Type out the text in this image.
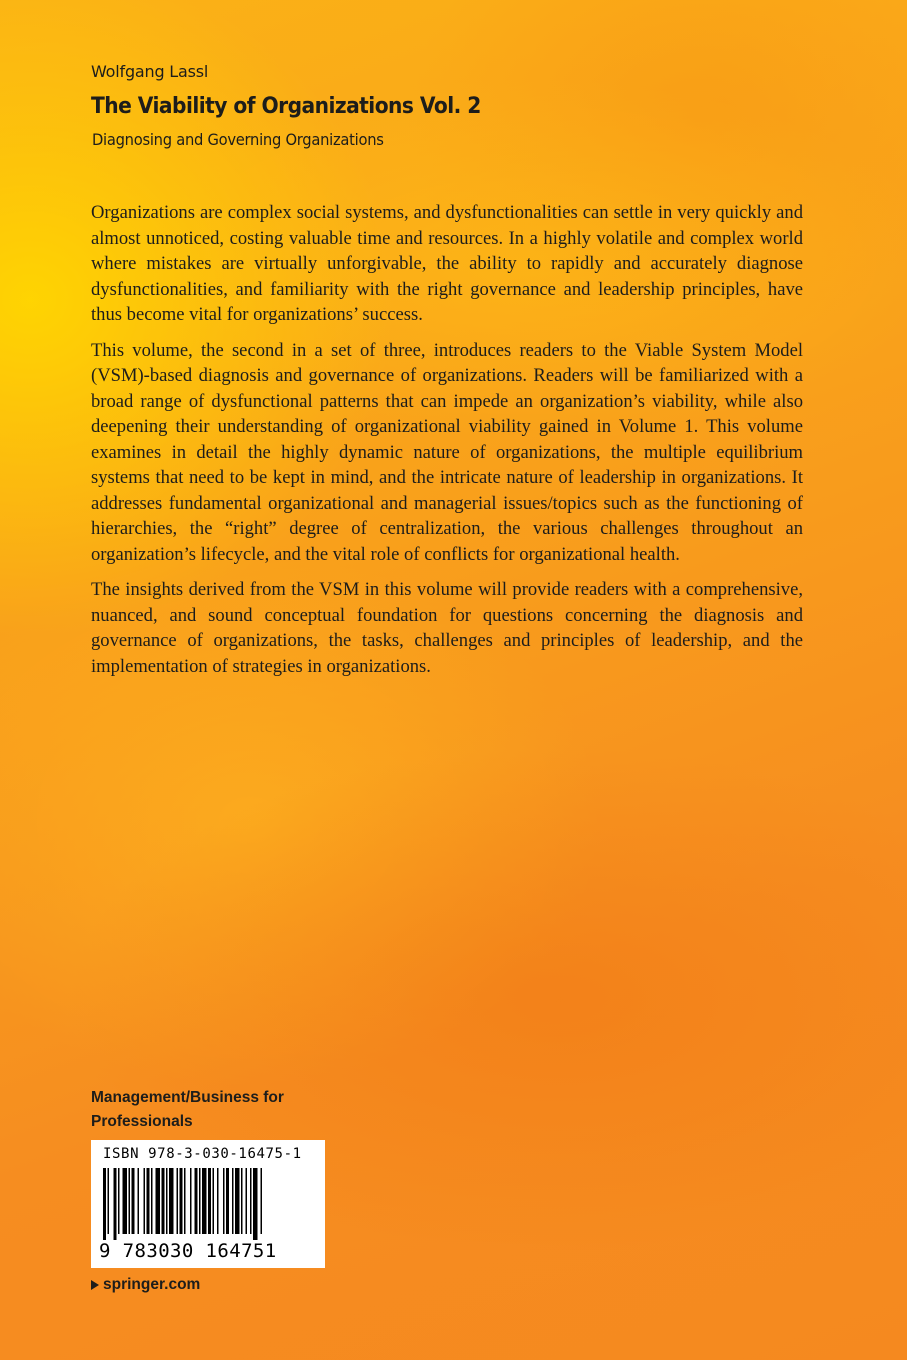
Wolfgang Lassl
The Viability of Organizations Vol. 2
Diagnosing and Governing Organizations

Organizations are complex social systems, and dysfunctionalities can settle in very quickly and almost unnoticed, costing valuable time and resources. In a highly volatile and complex world where mistakes are virtually unforgivable, the ability to rapidly and accurately diagnose dysfunctionalities, and familiarity with the right governance and leadership principles, have thus become vital for organizations’ success.

This volume, the second in a set of three, introduces readers to the Viable System Model (VSM)-based diagnosis and governance of organizations. Readers will be familiarized with a broad range of dysfunctional patterns that can impede an organization’s viability, while also deepening their understanding of organizational viability gained in Volume 1. This volume examines in detail the highly dynamic nature of organizations, the multiple equilibrium systems that need to be kept in mind, and the intricate nature of leadership in organizations. It addresses fundamental organizational and managerial issues/topics such as the functioning of hierarchies, the “right” degree of centralization, the various challenges throughout an organization’s lifecycle, and the vital role of conflicts for organizational health.

The insights derived from the VSM in this volume will provide readers with a comprehensive, nuanced, and sound conceptual foundation for questions concerning the diagnosis and governance of organizations, the tasks, challenges and principles of leadership, and the implementation of strategies in organizations.

Management/Business for Professionals
ISBN 978-3-030-16475-1
9 783030 164751
springer.com
